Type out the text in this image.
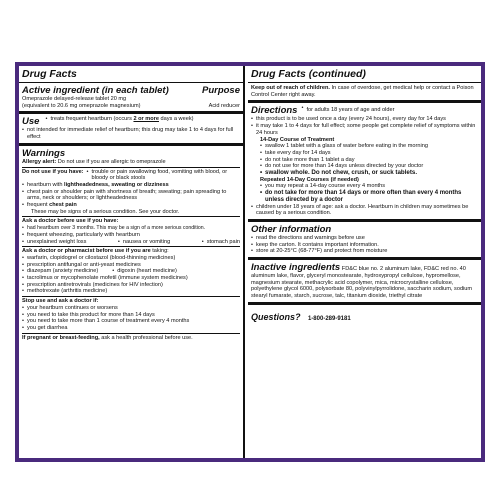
Drug Facts
Active ingredient (in each tablet)	Purpose
Omeprazole delayed-release tablet 20 mg
(equivalent to 20.6 mg omeprazole magnesium)	Acid reducer
Use	• treats frequent heartburn (occurs 2 or more days a week)
• not intended for immediate relief of heartburn; this drug may take 1 to 4 days for full effect
Warnings
Allergy alert: Do not use if you are allergic to omeprazole
Do not use if you have:	• trouble or pain swallowing food, vomiting with blood, or bloody or black stools
• heartburn with lightheadedness, sweating or dizziness
• chest pain or shoulder pain with shortness of breath; sweating; pain spreading to arms, neck or shoulders; or lightheadedness
• frequent chest pain
These may be signs of a serious condition. See your doctor.
Ask a doctor before use if you have:
• had heartburn over 3 months. This may be a sign of a more serious condition.
• frequent wheezing, particularly with heartburn
• unexplained weight loss	• nausea or vomiting	• stomach pain
Ask a doctor or pharmacist before use if you are taking:
• warfarin, clopidogrel or cilostazol (blood-thinning medicines)
• prescription antifungal or anti-yeast medicines
• diazepam (anxiety medicine)	• digoxin (heart medicine)
• tacrolimus or mycophenolate mofetil (immune system medicines)
• prescription antiretrovirals (medicines for HIV infection)
• methotrexate (arthritis medicine)
Stop use and ask a doctor if:
• your heartburn continues or worsens
• you need to take this product for more than 14 days
• you need to take more than 1 course of treatment every 4 months
• you get diarrhea
If pregnant or breast-feeding, ask a health professional before use.
Drug Facts (continued)
Keep out of reach of children. In case of overdose, get medical help or contact a Poison Control Center right away.
Directions	• for adults 18 years of age and older
• this product is to be used once a day (every 24 hours), every day for 14 days
• it may take 1 to 4 days for full effect; some people get complete relief of symptoms within 24 hours
14-Day Course of Treatment
• swallow 1 tablet with a glass of water before eating in the morning
• take every day for 14 days
• do not take more than 1 tablet a day
• do not use for more than 14 days unless directed by your doctor
• swallow whole. Do not chew, crush, or suck tablets.
Repeated 14-Day Courses (if needed)
• you may repeat a 14-day course every 4 months
• do not take for more than 14 days or more often than every 4 months unless directed by a doctor
• children under 18 years of age: ask a doctor. Heartburn in children may sometimes be caused by a serious condition.
Other information
• read the directions and warnings before use
• keep the carton. It contains important information.
• store at 20-25°C (68-77°F) and protect from moisture
Inactive ingredients FD&C blue no. 2 aluminum lake, FD&C red no. 40 aluminum lake, flavor, glyceryl monostearate, hydroxypropyl cellulose, hypromellose, magnesium stearate, methacrylic acid copolymer, mica, microcrystalline cellulose, polyethylene glycol 6000, polysorbate 80, polyvinylpyrrolidone, saccharin sodium, sodium stearyl fumarate, starch, sucrose, talc, titanium dioxide, triethyl citrate
Questions? 1-800-289-9181
